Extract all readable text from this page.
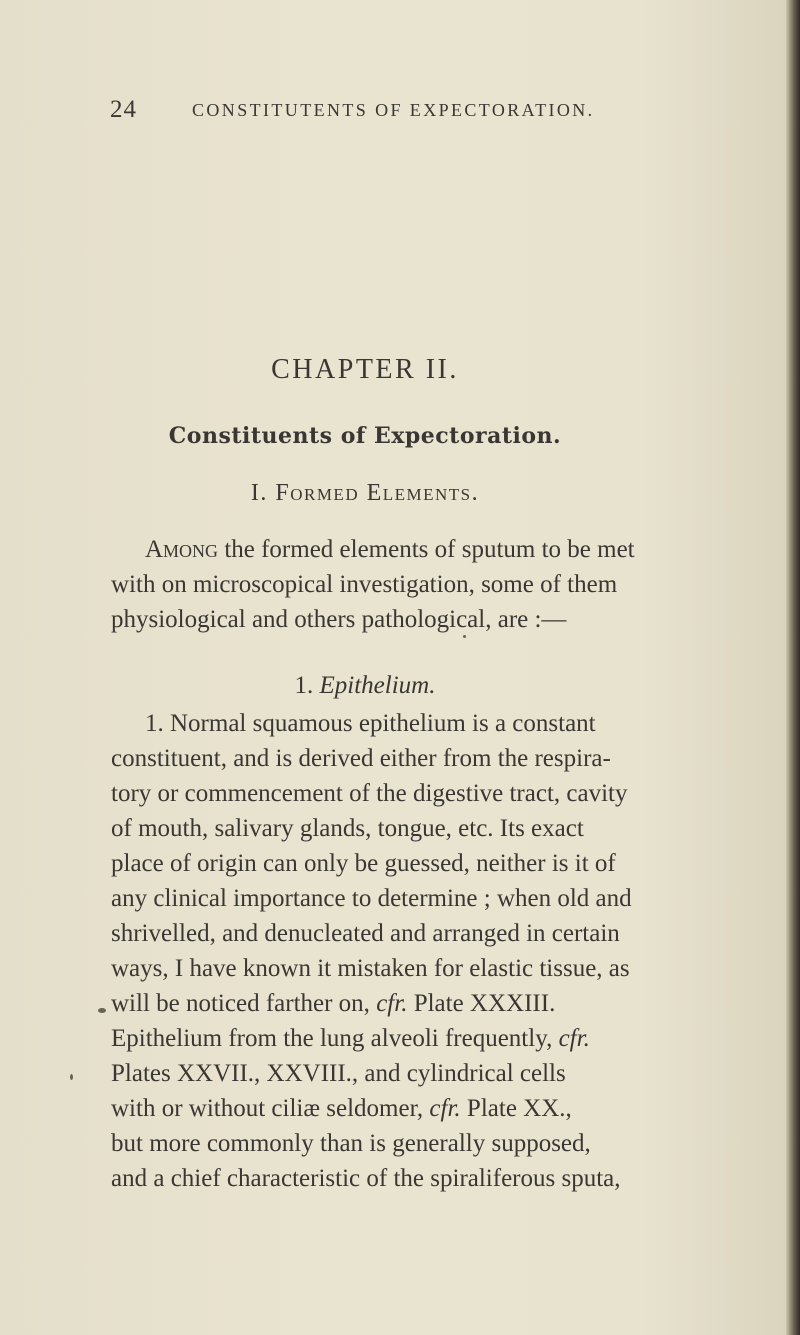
24	CONSTITUTENTS OF EXPECTORATION.
CHAPTER II.
Constituents of Expectoration.
I. Formed Elements.
Among the formed elements of sputum to be met
with on microscopical investigation, some of them
physiological and others pathological, are :—
1. Epithelium.
1. Normal squamous epithelium is a constant
constituent, and is derived either from the respira-
tory or commencement of the digestive tract, cavity
of mouth, salivary glands, tongue, etc. Its exact
place of origin can only be guessed, neither is it of
any clinical importance to determine ; when old and
shrivelled, and denucleated and arranged in certain
ways, I have known it mistaken for elastic tissue, as
will be noticed farther on, cfr. Plate XXXIII.
Epithelium from the lung alveoli frequently, cfr.
Plates XXVII., XXVIII., and cylindrical cells
with or without ciliæ seldomer, cfr. Plate XX.,
but more commonly than is generally supposed,
and a chief characteristic of the spiraliferous sputa,
